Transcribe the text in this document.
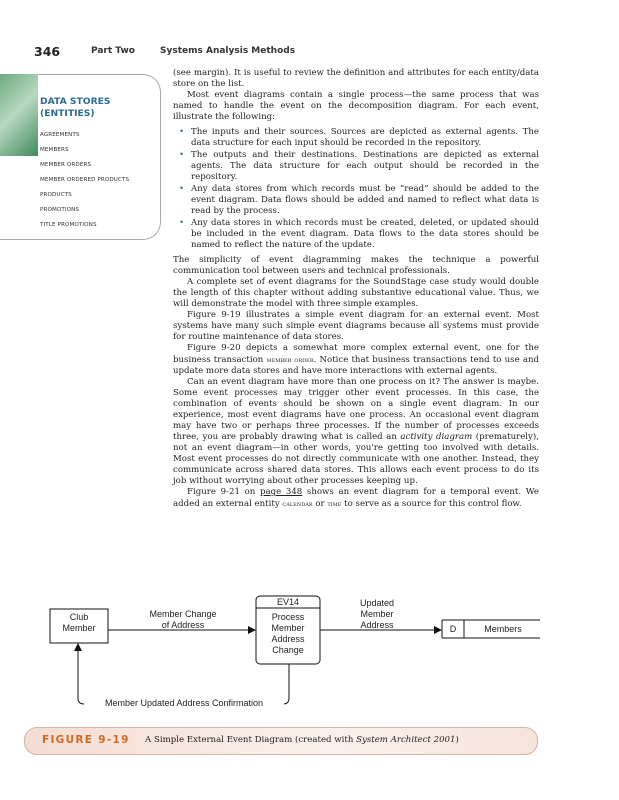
346	Part Two	Systems Analysis Methods
DATA STORES
(ENTITIES)
AGREEMENTS
MEMBERS
MEMBER ORDERS
MEMBER ORDERED PRODUCTS
PRODUCTS
PROMOTIONS
TITLE PROMOTIONS

(see margin). It is useful to review the definition and attributes for each entity/data store on the list.

Most event diagrams contain a single process—the same process that was named to handle the event on the decomposition diagram. For each event, illustrate the following:

• The inputs and their sources. Sources are depicted as external agents. The data structure for each input should be recorded in the repository.
• The outputs and their destinations. Destinations are depicted as external agents. The data structure for each output should be recorded in the repository.
• Any data stores from which records must be “read” should be added to the event diagram. Data flows should be added and named to reflect what data is read by the process.
• Any data stores in which records must be created, deleted, or updated should be included in the event diagram. Data flows to the data stores should be named to reflect the nature of the update.

The simplicity of event diagramming makes the technique a powerful communication tool between users and technical professionals.

A complete set of event diagrams for the SoundStage case study would double the length of this chapter without adding substantive educational value. Thus, we will demonstrate the model with three simple examples.

Figure 9-19 illustrates a simple event diagram for an external event. Most systems have many such simple event diagrams because all systems must provide for routine maintenance of data stores.

Figure 9-20 depicts a somewhat more complex external event, one for the business transaction member order. Notice that business transactions tend to use and update more data stores and have more interactions with external agents.

Can an event diagram have more than one process on it? The answer is maybe. Some event processes may trigger other event processes. In this case, the combination of events should be shown on a single event diagram. In our experience, most event diagrams have one process. An occasional event diagram may have two or perhaps three processes. If the number of processes exceeds three, you are probably drawing what is called an activity diagram (prematurely), not an event diagram—in other words, you're getting too involved with details. Most event processes do not directly communicate with one another. Instead, they communicate across shared data stores. This allows each event process to do its job without worrying about other processes keeping up.

Figure 9-21 on page 348 shows an event diagram for a temporal event. We added an external entity calendar or time to serve as a source for this control flow.

Club
Member
Member Change
of Address
EV14
Process
Member
Address
Change
Updated
Member
Address	D	Members
Member Updated Address Confirmation
FIGURE 9-19 A Simple External Event Diagram (created with System Architect 2001)
